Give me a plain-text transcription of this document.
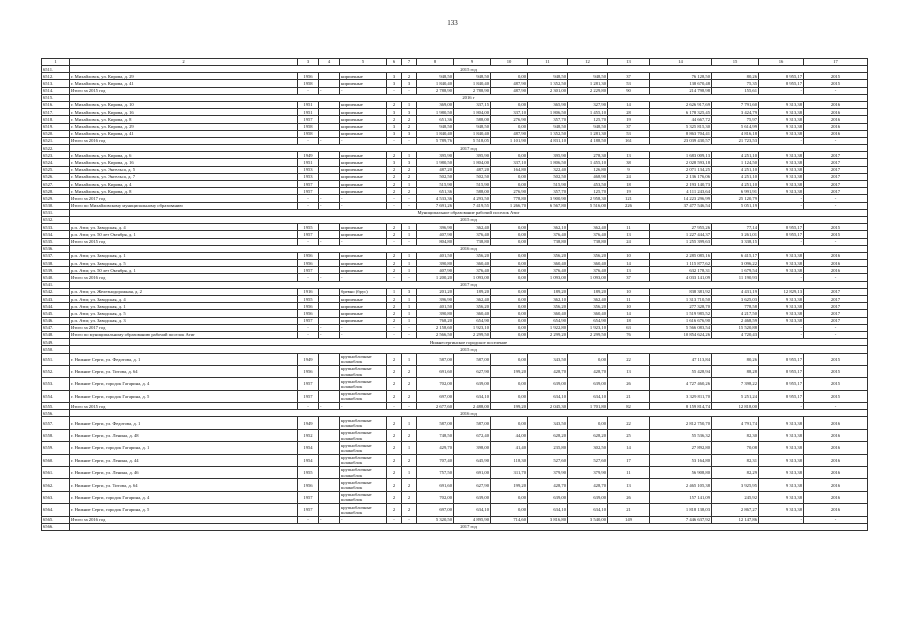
133
1	2	3	4	5	6	7	8	9	10	11	12	13	14	15	16	17
6511.	2015 год															
6512.	г. Михайловск, ул. Кирова, д. 29	1956		кирпичные	3	2	948,50	948,50	0,00	948,50	948,50	37	76 128,50	80,26	8 955,17	2015
6513.	г. Михайловск, ул. Кирова, д. 41	1958		кирпичные	3	3	1 840,40	1 840,40	487,90	1 352,50	1 281,30	53	138 670,48	75,35	8 955,17	2015
6514.	Итого за 2015 год	-	-	-	-	-	2 788,90	2 788,90	487,90	2 301,00	2 229,80	90	214 798,98	155,61	-	-
6515.	2016 г															
6516.	г. Михайловск, ул. Кирова, д. 10	1951		кирпичные	2	1	369,00	337,15	0,00	365,90	327,90	14	2 626 917,69	7 791,60	9 313,38	2016
6517.	г. Михайловск, ул. Кирова, д. 16	1951		кирпичные	3	3	1 980,50	1 804,00	337,10	1 806,50	1 455,10	28	6 178 325,45	3 424,79	9 313,38	2016
6518.	г. Михайловск, ул. Кирова, д. 8	1957		кирпичные	2	2	651,36	588,00	276,90	357,70	125,70	19	44 667,72	75,97	9 313,38	2016
6519.	г. Михайловск, ул. Кирова, д. 29	1958		кирпичные	3	2	948,50	948,50	0,00	948,50	948,50	37	5 325 815,30	5 614,99	9 313,38	2016
6520.	г. Михайловск, ул. Кирова, д. 41	1958		кирпичные	3	3	1 840,40	1 840,40	487,90	1 352,50	1 281,30	53	8 863 704,41	4 816,18	9 313,38	2016
6521.	Итого за 2016 год	-	-	-	-	-	5 789,76	5 518,05	1 101,90	4 831,10	4 188,50	161	23 039 430,57	21 723,53	-	-
6522.	2017 год															
6523.	г. Михайловск, ул. Кирова, д. 6	1949		кирпичные	2	1	395,90	395,90	0,00	395,90	278,30	13	1 683 009,13	4 251,10	9 313,38	2017
6524.	г. Михайловск, ул. Кирова, д. 16	1951		кирпичные	3	3	1 980,50	1 804,00	337,10	1 806,50	1 455,10	38	2 028 593,18	1 124,50	9 313,38	2017
6525.	г. Михайловск, ул. Энгельса, д. 5	1953		кирпичные	2	2	487,20	487,20	164,80	322,40	126,80	9	2 071 134,25	4 251,10	9 313,38	2017
6526.	г. Михайловск, ул. Энгельса, д. 7	1953		кирпичные	2	2	502,50	502,50	0,00	502,50	468,90	24	2 136 176,06	4 251,10	9 313,38	2017
6527.	г. Михайловск, ул. Кирова, д. 4	1957		кирпичные	2	1	515,90	515,90	0,00	515,90	453,50	18	2 193 140,73	4 251,10	9 313,38	2017
6528.	г. Михайловск, ул. Кирова, д. 8	1957		кирпичные	2	2	651,36	588,00	276,90	357,70	125,70	19	4 111 243,64	6 991,91	9 313,38	2017
6529.	Итого за 2017 год	-	-	-	-	-	4 533,36	4 293,50	778,80	3 900,90	2 958,30	121	14 223 296,99	25 120,79	-	-
6530.	Итого по Михайловскому муниципальному образованию	-	-	-	-	-	7 691,26	7 419,55	1 266,70	6 567,80	5 516,00	226	37 477 546,54	5 051,19	-	-
6531.	Муниципальное образование рабочий поселок Атиг															
6532.	2015 год															
6533.	р.п. Атиг, ул. Заводская, д. 4	1955		кирпичные	2	1	396,90	362,40	0,00	362,10	362,40	11	27 955,26	77,14	8 955,17	2015
6534.	р.п. Атиг, ул. 50 лет Октября, д. 1	1957		кирпичные	2	1	407,90	376,40	0,00	376,40	376,40	13	1 227 444,37	3 261,01	8 955,17	2015
6535.	Итого за 2015 год	-	-	-	-	-	804,80	738,80	0,00	738,80	738,80	24	1 255 399,63	3 338,15	-	-
6536.	2016 год															
6537.	р.п. Атиг, ул. Заводская, д. 1	1956		кирпичные	2	1	401,50	356,20	0,00	356,20	356,20	10	2 285 085,16	6 415,17	9 313,38	2016
6538.	р.п. Атиг, ул. Заводская, д. 5	1956		кирпичные	2	1	390,80	360,40	0,00	360,40	360,40	14	1 115 877,62	3 096,22	9 313,38	2016
6539.	р.п. Атиг, ул. 50 лет Октября, д. 1	1957		кирпичные	2	1	407,90	376,40	0,00	376,40	376,40	13	632 178,31	1 679,54	9 313,38	2016
6540.	Итого за 2016 год	-	-	-	-	-	1 200,20	1 093,00	0,00	1 093,00	1 093,00	37	4 033 141,09	11 190,93	-	-
6541.	2017 год															
6542.	р.п. Атиг, ул. Железнодорожная, д. 2	1916		бревно (брус)	1	3	201,20	189,20	0,00	189,20	189,20	10	838 381,92	4 431,19	12 829,13	2017
6543.	р.п. Атиг, ул. Заводская, д. 4	1955		кирпичные	2	1	396,90	362,40	0,00	362,10	362,40	11	1 313 710,50	3 625,03	9 313,38	2017
6544.	р.п. Атиг, ул. Заводская, д. 1	1956		кирпичные	2	1	401,50	356,20	0,00	356,20	356,20	10	277 328,70	778,58	9 313,38	2017
6545.	р.п. Атиг, ул. Заводская, д. 5	1956		кирпичные	2	1	390,80	360,40	0,00	360,40	360,40	14	1 519 985,52	4 217,50	9 313,38	2017
6546.	р.п. Атиг, ул. Заводская, д. 3	1957		кирпичные	2	1	768,20	654,90	0,00	654,90	654,90	18	1 616 676,90	2 468,59	9 313,38	2017
6547.	Итого за 2017 год	-	-	-	-	-	2 158,60	1 923,10	0,00	1 922,80	1 923,10	63	5 566 083,54	15 520,88	-	-
6548.	Итого по муниципальному образованию рабочий поселок Атиг	-	-	-	-	-	2 566,50	2 299,50	0,00	2 299,20	2 299,50	76	10 854 624,26	4 720,43	-	-
6549.	Нижнесергинское городское поселение															
6550.	2015 год															
6551.	г. Нижние Серги, ул. Федотова, д. 1	1949		крупноблочные шлакоблок	2	1	587,00	587,00	0,00	343,50	0,00	22	47 113,84	80,26	8 955,17	2015
6552.	г. Нижние Серги, ул. Титова, д. 64	1956		крупноблочные шлакоблок	2	2	691,60	627,90	199,20	428,70	428,70	13	55 428,94	88,28	8 955,17	2015
6553.	г. Нижние Серги, городок Гагарина, д. 4	1957		крупноблочные шлакоблок	2	2	702,00	639,00	0,00	639,00	639,00	26	4 727 460,26	7 398,22	8 955,17	2015
6554.	г. Нижние Серги, городок Гагарина, д. 5	1957		крупноблочные шлакоблок	2	2	697,00	634,10	0,00	634,10	634,10	21	3 329 811,70	5 251,24	8 955,17	2015
6555.	Итого за 2015 год	-	-	-	-	-	2 677,60	2 488,00	199,20	2 045,30	1 701,80	82	8 159 814,74	12 818,00	-	-
6556.	2016 год															
6557.	г. Нижние Серги, ул. Федотова, д. 1	1949		крупноблочные шлакоблок	2	1	587,00	587,00	0,00	343,50	0,00	22	2 812 750,70	4 791,74	9 313,38	2016
6558.	г. Нижние Серги, ул. Ленина, д. 48	1952		крупноблочные шлакоблок	2	2	748,50	672,40	44,00	628,20	628,20	25	55 536,32	82,30	9 313,38	2016
6559.	г. Нижние Серги, городок Гагарина, д. 1	1954		крупноблочные шлакоблок	2	1	429,70	398,00	41,40	235,80	302,50	14	27 892,80	70,08	9 313,38	2016
6560.	г. Нижние Серги, ул. Ленина, д. 44	1954		крупноблочные шлакоблок	2	2	707,40	645,90	118,30	527,60	527,60	17	53 164,80	82,31	9 313,38	2016
6561.	г. Нижние Серги, ул. Ленина, д. 46	1955		крупноблочные шлакоблок	2	1	757,50	691,00	311,70	379,90	379,90	11	56 908,80	82,29	9 313,38	2016
6562.	г. Нижние Серги, ул. Титова, д. 64	1956		крупноблочные шлакоблок	2	2	691,60	627,90	199,20	428,70	428,70	13	2 465 105,38	3 925,95	9 313,38	2016
6563.	г. Нижние Серги, городок Гагарина, д. 4	1957		крупноблочные шлакоблок	2	2	702,00	639,00	0,00	639,00	639,00	26	157 141,09	245,92	9 313,38	2016
6564.	г. Нижние Серги, городок Гагарина, д. 5	1957		крупноблочные шлакоблок	2	2	697,00	634,10	0,00	634,10	634,10	21	1 818 138,03	2 867,27	9 313,38	2016
6565.	Итого за 2016 год	-	-	-	-	-	5 320,50	4 895,90	714,60	3 816,80	3 540,00	149	7 446 637,92	12 147,86	-	-
6566.	2017 год															
